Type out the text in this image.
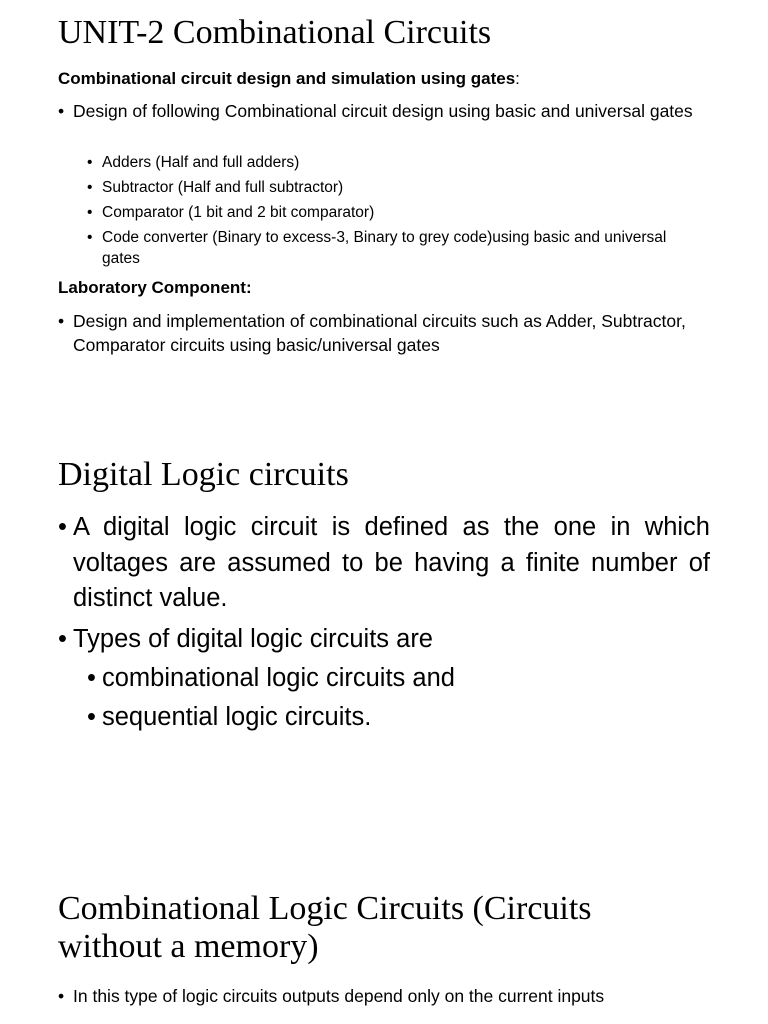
UNIT-2 Combinational Circuits

Combinational circuit design and simulation using gates:

• Design of following Combinational circuit design using basic and universal gates
• Adders (Half and full adders)
• Subtractor (Half and full subtractor)
• Comparator (1 bit and 2 bit comparator)
• Code converter (Binary to excess-3, Binary to grey code)using basic and universal gates

Laboratory Component:

• Design and implementation of combinational circuits such as Adder, Subtractor, Comparator circuits using basic/universal gates
Digital Logic circuits
• A digital logic circuit is defined as the one in which voltages are assumed to be having a finite number of distinct value.
• Types of digital logic circuits are
• combinational logic circuits and
• sequential logic circuits.
Combinational Logic Circuits (Circuits without a memory)
• In this type of logic circuits outputs depend only on the current inputs
